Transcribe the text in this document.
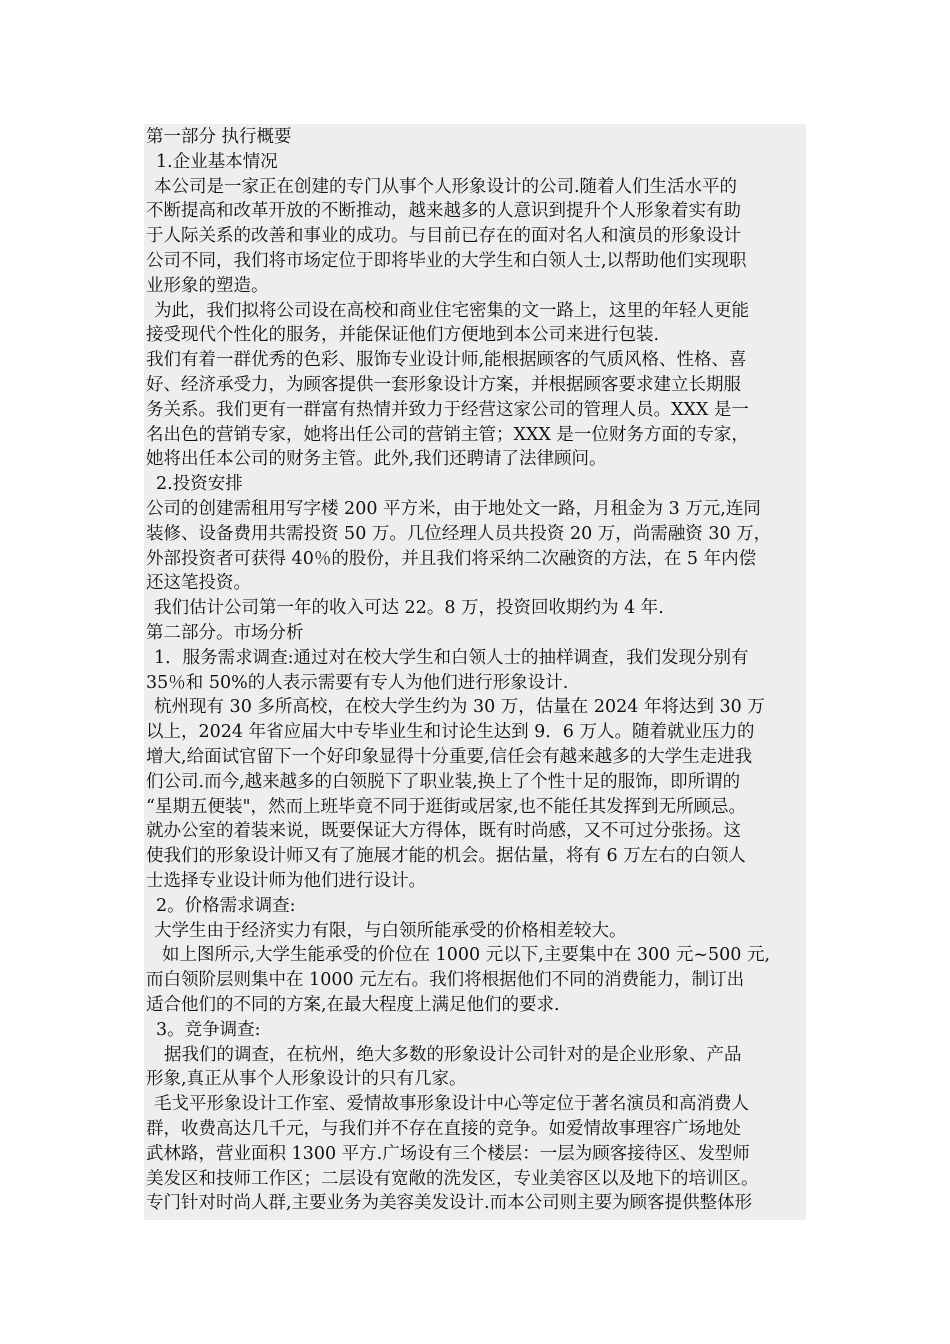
第一部分 执行概要
1.企业基本情况
本公司是一家正在创建的专门从事个人形象设计的公司.随着人们生活水平的
不断提高和改革开放的不断推动，越来越多的人意识到提升个人形象着实有助
于人际关系的改善和事业的成功。与目前已存在的面对名人和演员的形象设计
公司不同，我们将市场定位于即将毕业的大学生和白领人士,以帮助他们实现职
业形象的塑造。
为此，我们拟将公司设在高校和商业住宅密集的文一路上，这里的年轻人更能
接受现代个性化的服务，并能保证他们方便地到本公司来进行包装.
我们有着一群优秀的色彩、服饰专业设计师,能根据顾客的气质风格、性格、喜
好、经济承受力，为顾客提供一套形象设计方案，并根据顾客要求建立长期服
务关系。我们更有一群富有热情并致力于经营这家公司的管理人员。XXX 是一
名出色的营销专家，她将出任公司的营销主管；XXX 是一位财务方面的专家，
她将出任本公司的财务主管。此外,我们还聘请了法律顾问。
2.投资安排
公司的创建需租用写字楼 200 平方米，由于地处文一路，月租金为 3 万元,连同
装修、设备费用共需投资 50 万。几位经理人员共投资 20 万，尚需融资 30 万，
外部投资者可获得 40％的股份，并且我们将采纳二次融资的方法，在 5 年内偿
还这笔投资。
我们估计公司第一年的收入可达 22。8 万，投资回收期约为 4 年.
第二部分。市场分析
1．服务需求调查:通过对在校大学生和白领人士的抽样调查，我们发现分别有
35％和 50%的人表示需要有专人为他们进行形象设计.
杭州现有 30 多所高校，在校大学生约为 30 万，估量在 2024 年将达到 30 万
以上，2024 年省应届大中专毕业生和讨论生达到 9．6 万人。随着就业压力的
增大,给面试官留下一个好印象显得十分重要,信任会有越来越多的大学生走进我
们公司.而今,越来越多的白领脱下了职业装,换上了个性十足的服饰，即所谓的
“星期五便装"，然而上班毕竟不同于逛街或居家,也不能任其发挥到无所顾忌。
就办公室的着装来说，既要保证大方得体，既有时尚感，又不可过分张扬。这
使我们的形象设计师又有了施展才能的机会。据估量，将有 6 万左右的白领人
士选择专业设计师为他们进行设计。
2。价格需求调查:
大学生由于经济实力有限，与白领所能承受的价格相差较大。
如上图所示,大学生能承受的价位在 1000 元以下,主要集中在 300 元~500 元,
而白领阶层则集中在 1000 元左右。我们将根据他们不同的消费能力，制订出
适合他们的不同的方案,在最大程度上满足他们的要求.
3。竞争调查:
据我们的调查，在杭州，绝大多数的形象设计公司针对的是企业形象、产品
形象,真正从事个人形象设计的只有几家。
毛戈平形象设计工作室、爱情故事形象设计中心等定位于著名演员和高消费人
群，收费高达几千元，与我们并不存在直接的竞争。如爱情故事理容广场地处
武林路，营业面积 1300 平方.广场设有三个楼层：一层为顾客接待区、发型师
美发区和技师工作区；二层设有宽敞的洗发区，专业美容区以及地下的培训区。
专门针对时尚人群,主要业务为美容美发设计.而本公司则主要为顾客提供整体形
